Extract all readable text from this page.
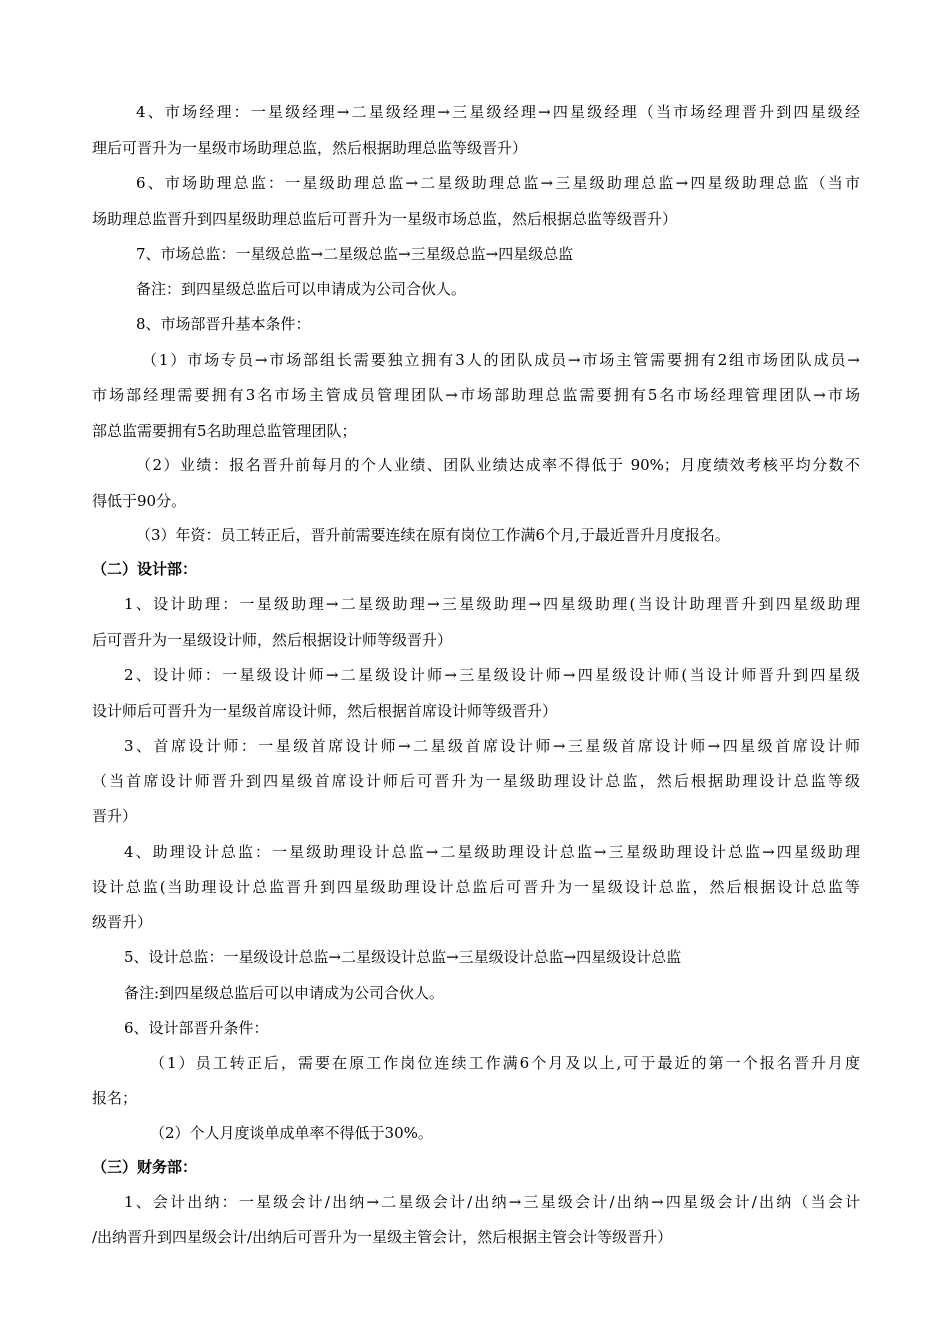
4、市场经理：一星级经理→二星级经理→三星级经理→四星级经理（当市场经理晋升到四星级经
理后可晋升为一星级市场助理总监，然后根据助理总监等级晋升）
6、市场助理总监：一星级助理总监→二星级助理总监→三星级助理总监→四星级助理总监（当市
场助理总监晋升到四星级助理总监后可晋升为一星级市场总监，然后根据总监等级晋升）
7、市场总监：一星级总监→二星级总监→三星级总监→四星级总监
备注：到四星级总监后可以申请成为公司合伙人。
8、市场部晋升基本条件：
（1）市场专员→市场部组长需要独立拥有3人的团队成员→市场主管需要拥有2组市场团队成员→
市场部经理需要拥有3名市场主管成员管理团队→市场部助理总监需要拥有5名市场经理管理团队→市场
部总监需要拥有5名助理总监管理团队；
（2）业绩：报名晋升前每月的个人业绩、团队业绩达成率不得低于 90%；月度绩效考核平均分数不
得低于90分。
（3）年资：员工转正后，晋升前需要连续在原有岗位工作满6个月,于最近晋升月度报名。
（二）设计部：
1、设计助理：一星级助理→二星级助理→三星级助理→四星级助理(当设计助理晋升到四星级助理
后可晋升为一星级设计师，然后根据设计师等级晋升）
2、设计师：一星级设计师→二星级设计师→三星级设计师→四星级设计师(当设计师晋升到四星级
设计师后可晋升为一星级首席设计师，然后根据首席设计师等级晋升）
3、首席设计师：一星级首席设计师→二星级首席设计师→三星级首席设计师→四星级首席设计师
（当首席设计师晋升到四星级首席设计师后可晋升为一星级助理设计总监，然后根据助理设计总监等级
晋升）
4、助理设计总监：一星级助理设计总监→二星级助理设计总监→三星级助理设计总监→四星级助理
设计总监(当助理设计总监晋升到四星级助理设计总监后可晋升为一星级设计总监，然后根据设计总监等
级晋升）
5、设计总监：一星级设计总监→二星级设计总监→三星级设计总监→四星级设计总监
备注:到四星级总监后可以申请成为公司合伙人。
6、设计部晋升条件：
（1）员工转正后，需要在原工作岗位连续工作满6个月及以上,可于最近的第一个报名晋升月度
报名；
（2）个人月度谈单成单率不得低于30%。
（三）财务部：
1、会计出纳：一星级会计/出纳→二星级会计/出纳→三星级会计/出纳→四星级会计/出纳（当会计
/出纳晋升到四星级会计/出纳后可晋升为一星级主管会计，然后根据主管会计等级晋升）
